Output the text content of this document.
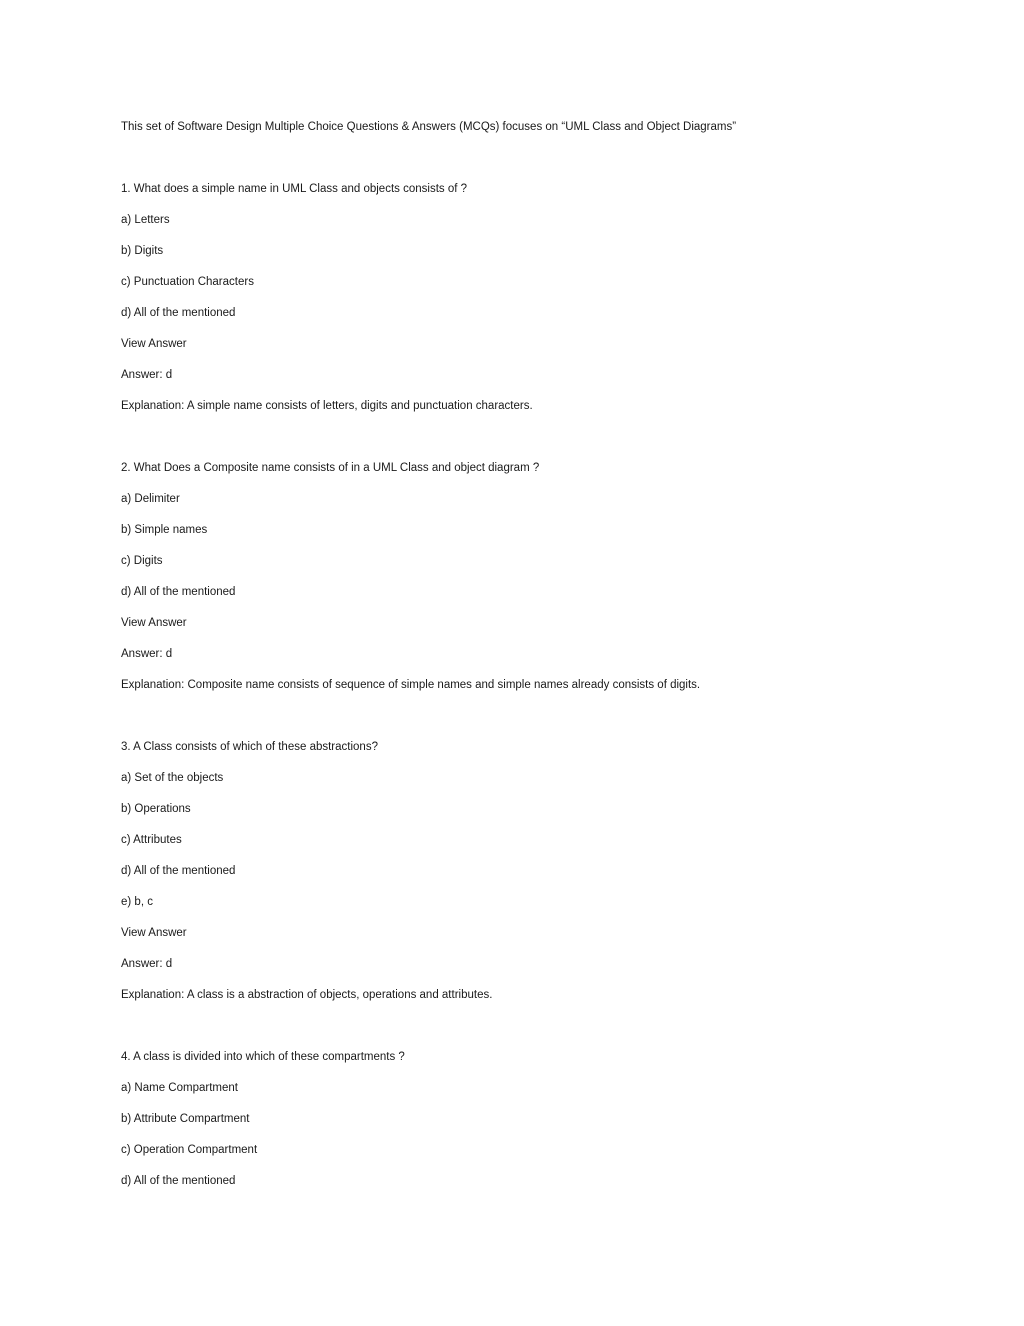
This set of Software Design Multiple Choice Questions & Answers (MCQs) focuses on “UML Class and Object Diagrams”
1. What does a simple name in UML Class and objects consists of ?
a) Letters
b) Digits
c) Punctuation Characters
d) All of the mentioned
View Answer
Answer: d
Explanation: A simple name consists of letters, digits and punctuation characters.
2. What Does a Composite name consists of in a UML Class and object diagram ?
a) Delimiter
b) Simple names
c) Digits
d) All of the mentioned
View Answer
Answer: d
Explanation: Composite name consists of sequence of simple names and simple names already consists of digits.
3. A Class consists of which of these abstractions?
a) Set of the objects
b) Operations
c) Attributes
d) All of the mentioned
e) b, c
View Answer
Answer: d
Explanation: A class is a abstraction of objects, operations and attributes.
4. A class is divided into which of these compartments ?
a) Name Compartment
b) Attribute Compartment
c) Operation Compartment
d) All of the mentioned
